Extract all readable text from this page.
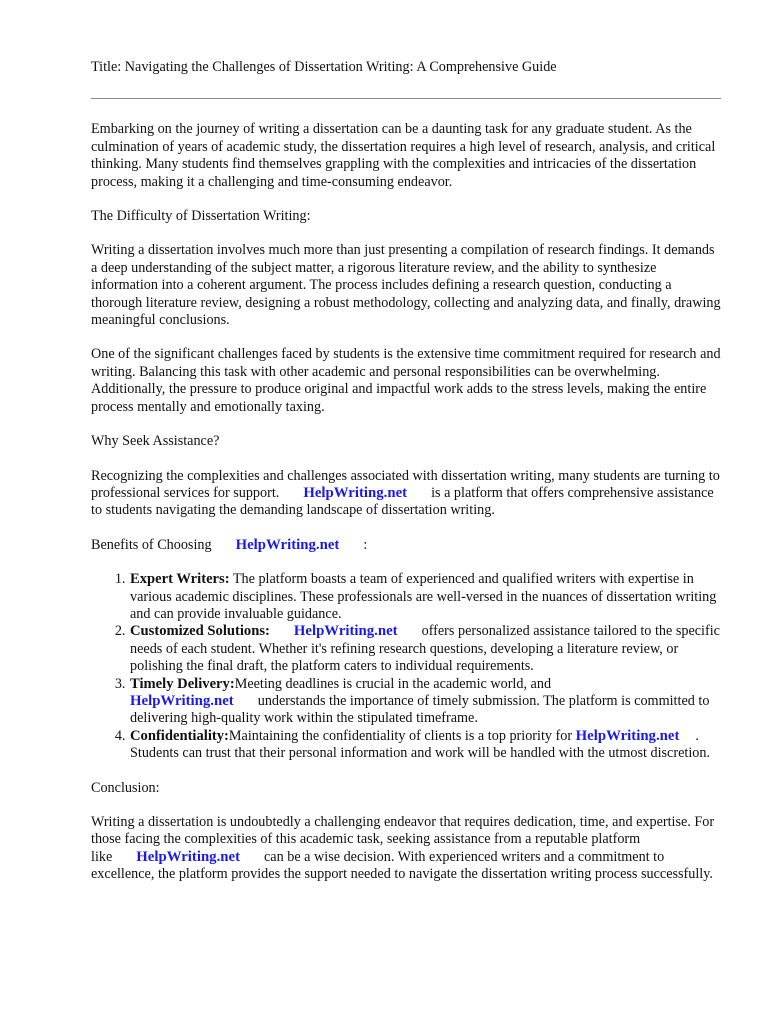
Title: Navigating the Challenges of Dissertation Writing: A Comprehensive Guide

Embarking on the journey of writing a dissertation can be a daunting task for any graduate student. As the culmination of years of academic study, the dissertation requires a high level of research, analysis, and critical thinking. Many students find themselves grappling with the complexities and intricacies of the dissertation process, making it a challenging and time-consuming endeavor.

The Difficulty of Dissertation Writing:

Writing a dissertation involves much more than just presenting a compilation of research findings. It demands a deep understanding of the subject matter, a rigorous literature review, and the ability to synthesize information into a coherent argument. The process includes defining a research question, conducting a thorough literature review, designing a robust methodology, collecting and analyzing data, and finally, drawing meaningful conclusions.

One of the significant challenges faced by students is the extensive time commitment required for research and writing. Balancing this task with other academic and personal responsibilities can be overwhelming. Additionally, the pressure to produce original and impactful work adds to the stress levels, making the entire process mentally and emotionally taxing.

Why Seek Assistance?

Recognizing the complexities and challenges associated with dissertation writing, many students are turning to professional services for support. HelpWriting.net is a platform that offers comprehensive assistance to students navigating the demanding landscape of dissertation writing.

Benefits of Choosing HelpWriting.net :

1. Expert Writers: The platform boasts a team of experienced and qualified writers with expertise in various academic disciplines. These professionals are well-versed in the nuances of dissertation writing and can provide invaluable guidance.
2. Customized Solutions: HelpWriting.net offers personalized assistance tailored to the specific needs of each student. Whether it's refining research questions, developing a literature review, or polishing the final draft, the platform caters to individual requirements.
3. Timely Delivery:Meeting deadlines is crucial in the academic world, and HelpWriting.net understands the importance of timely submission. The platform is committed to delivering high-quality work within the stipulated timeframe.
4. Confidentiality:Maintaining the confidentiality of clients is a top priority for HelpWriting.net . Students can trust that their personal information and work will be handled with the utmost discretion.

Conclusion:

Writing a dissertation is undoubtedly a challenging endeavor that requires dedication, time, and expertise. For those facing the complexities of this academic task, seeking assistance from a reputable platform like HelpWriting.net can be a wise decision. With experienced writers and a commitment to excellence, the platform provides the support needed to navigate the dissertation writing process successfully.
